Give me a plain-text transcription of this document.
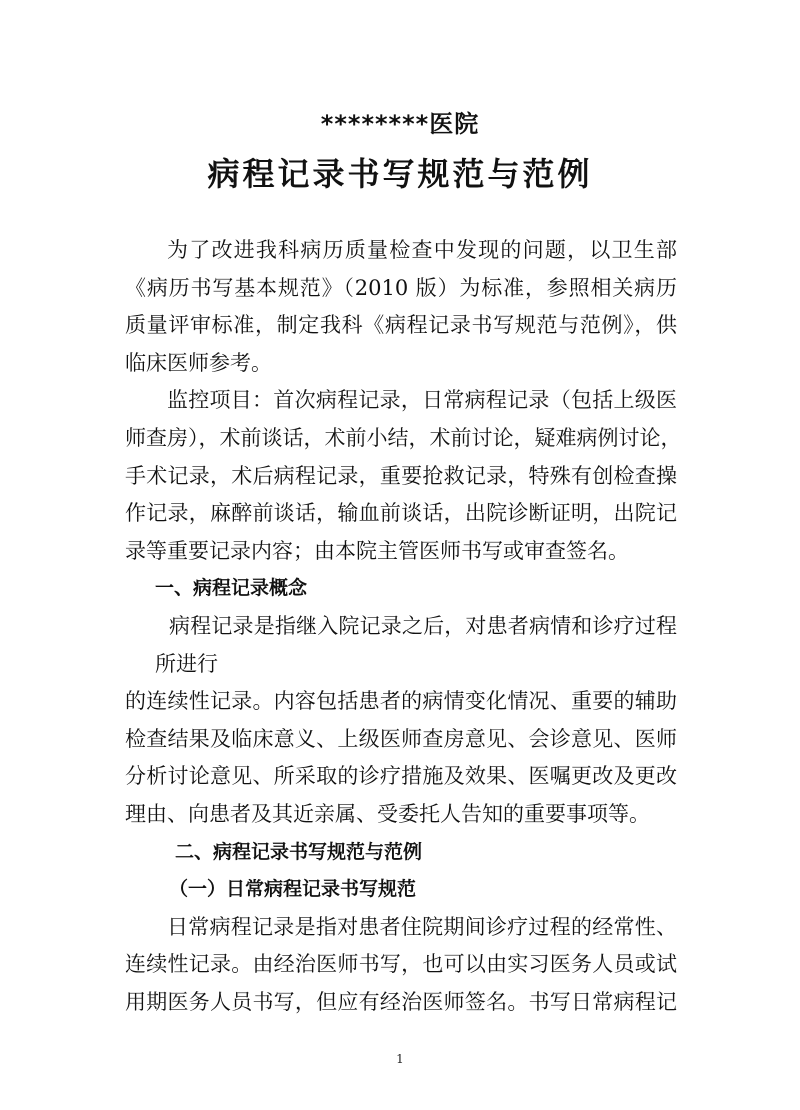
********医院
病程记录书写规范与范例
为了改进我科病历质量检查中发现的问题，以卫生部
《病历书写基本规范》（2010 版）为标准，参照相关病历
质量评审标准，制定我科《病程记录书写规范与范例》，供
临床医师参考。
监控项目：首次病程记录，日常病程记录（包括上级医
师查房），术前谈话，术前小结，术前讨论，疑难病例讨论，
手术记录，术后病程记录，重要抢救记录，特殊有创检查操
作记录，麻醉前谈话，输血前谈话，出院诊断证明，出院记
录等重要记录内容；由本院主管医师书写或审查签名。
一、病程记录概念
病程记录是指继入院记录之后，对患者病情和诊疗过程
所进行
的连续性记录。内容包括患者的病情变化情况、重要的辅助
检查结果及临床意义、上级医师查房意见、会诊意见、医师
分析讨论意见、所采取的诊疗措施及效果、医嘱更改及更改
理由、向患者及其近亲属、受委托人告知的重要事项等。
二、病程记录书写规范与范例
（一）日常病程记录书写规范
日常病程记录是指对患者住院期间诊疗过程的经常性、
连续性记录。由经治医师书写，也可以由实习医务人员或试
用期医务人员书写，但应有经治医师签名。书写日常病程记
1
